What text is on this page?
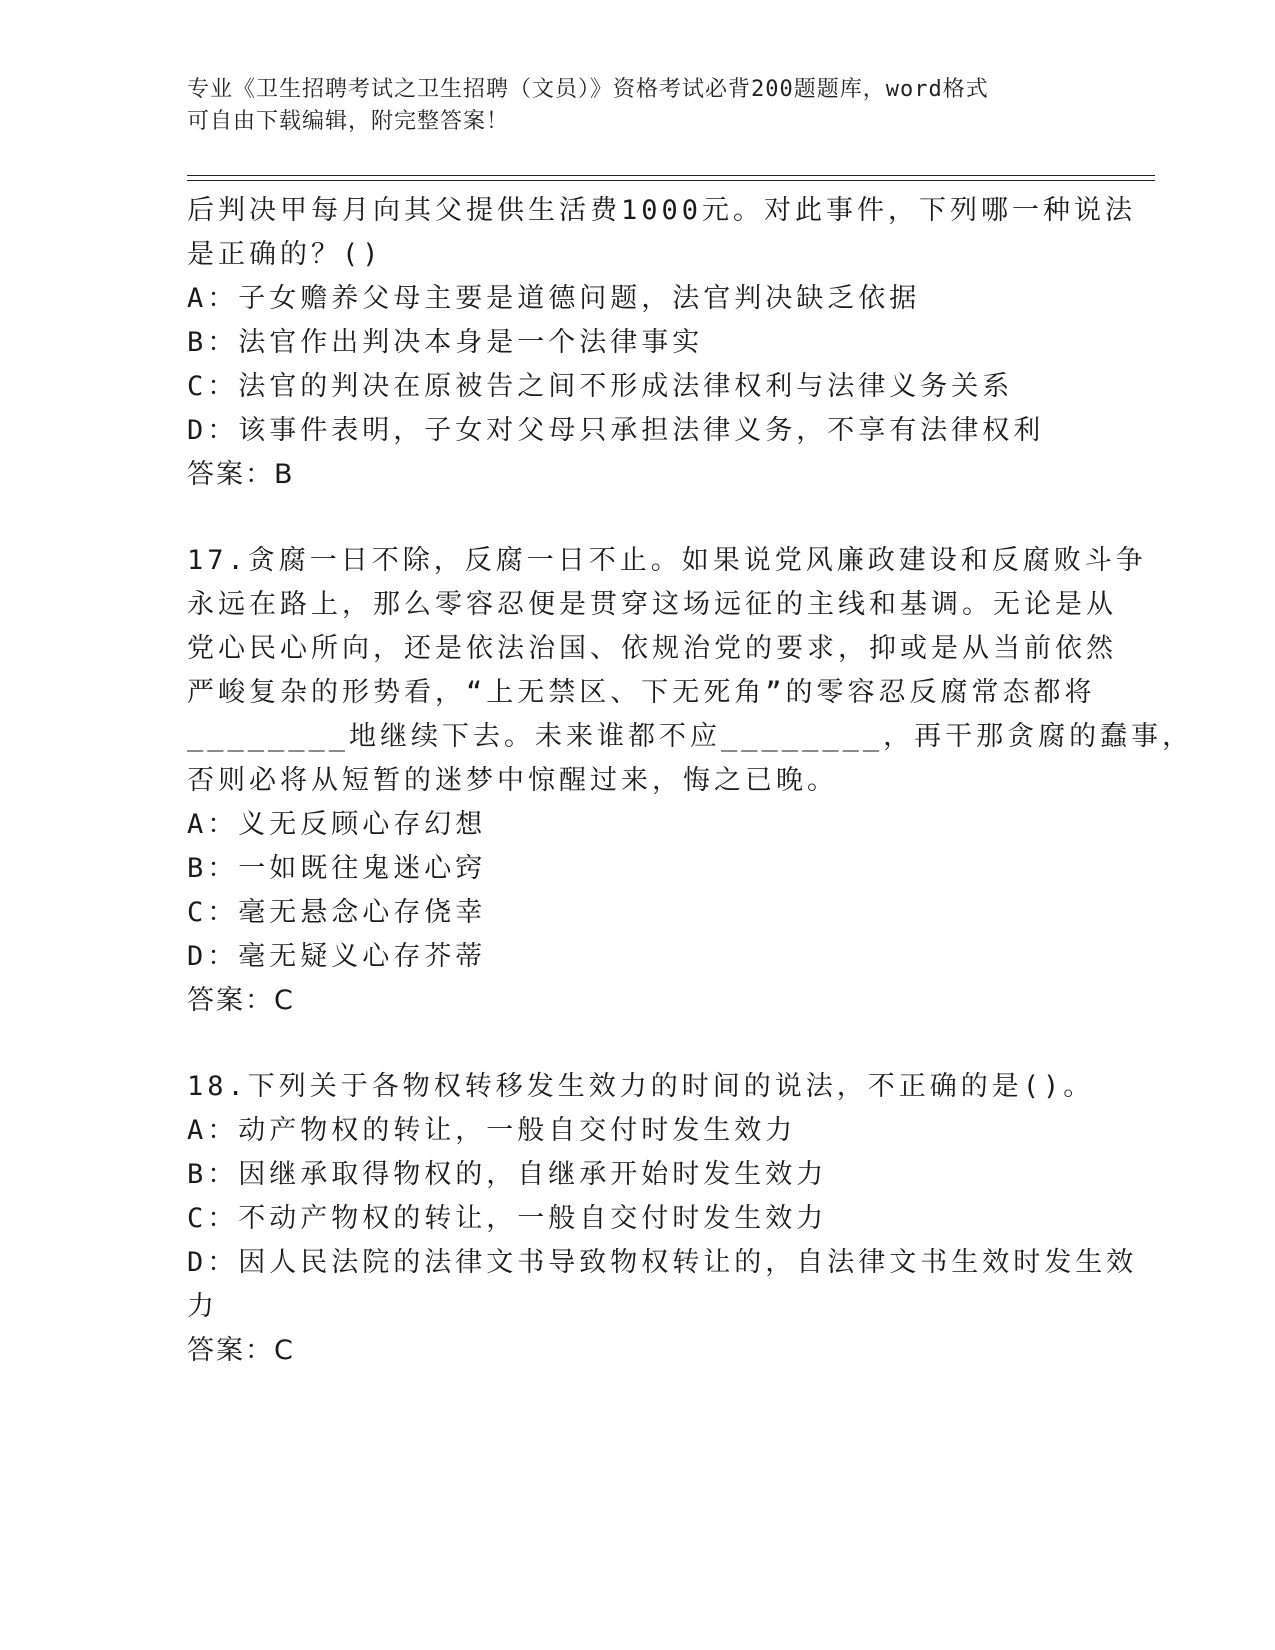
专业《卫生招聘考试之卫生招聘（文员）》资格考试必背200题题库，word格式
可自由下载编辑，附完整答案！
后判决甲每月向其父提供生活费1000元。对此事件，下列哪一种说法
是正确的？()
A：子女赡养父母主要是道德问题，法官判决缺乏依据
B：法官作出判决本身是一个法律事实
C：法官的判决在原被告之间不形成法律权利与法律义务关系
D：该事件表明，子女对父母只承担法律义务，不享有法律权利
答案：B
17.贪腐一日不除，反腐一日不止。如果说党风廉政建设和反腐败斗争
永远在路上，那么零容忍便是贯穿这场远征的主线和基调。无论是从
党心民心所向，还是依法治国、依规治党的要求，抑或是从当前依然
严峻复杂的形势看，“上无禁区、下无死角”的零容忍反腐常态都将
________地继续下去。未来谁都不应________，再干那贪腐的蠢事，
否则必将从短暂的迷梦中惊醒过来，悔之已晚。
A：义无反顾心存幻想
B：一如既往鬼迷心窍
C：毫无悬念心存侥幸
D：毫无疑义心存芥蒂
答案：C
18.下列关于各物权转移发生效力的时间的说法，不正确的是()。
A：动产物权的转让，一般自交付时发生效力
B：因继承取得物权的，自继承开始时发生效力
C：不动产物权的转让，一般自交付时发生效力
D：因人民法院的法律文书导致物权转让的，自法律文书生效时发生效
力
答案：C
